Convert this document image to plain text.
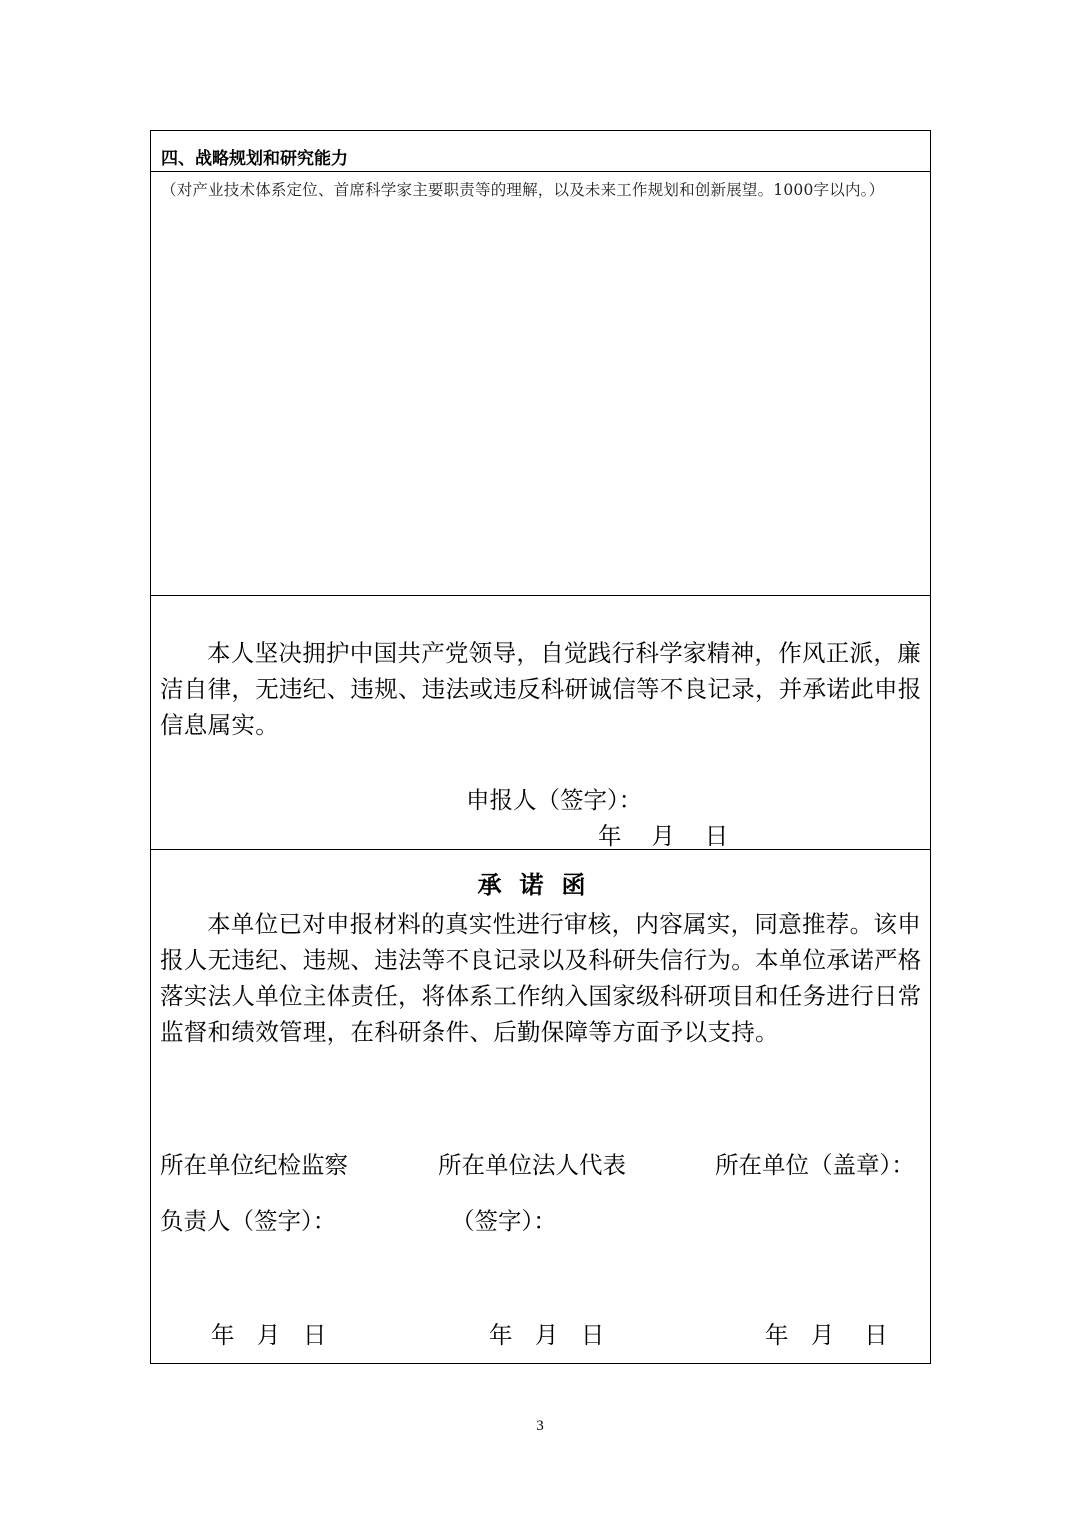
四、战略规划和研究能力
（对产业技术体系定位、首席科学家主要职责等的理解，以及未来工作规划和创新展望。1000字以内。）
本人坚决拥护中国共产党领导，自觉践行科学家精神，作风正派，廉洁自律，无违纪、违规、违法或违反科研诚信等不良记录，并承诺此申报信息属实。
申报人（签字）：
年    月    日
承诺函
本单位已对申报材料的真实性进行审核，内容属实，同意推荐。该申报人无违纪、违规、违法等不良记录以及科研失信行为。本单位承诺严格落实法人单位主体责任，将体系工作纳入国家级科研项目和任务进行日常监督和绩效管理，在科研条件、后勤保障等方面予以支持。
所在单位纪检监察
负责人（签字）：
所在单位法人代表
（签字）：
所在单位（盖章）：
年   月   日	年   月   日	年   月    日
3
